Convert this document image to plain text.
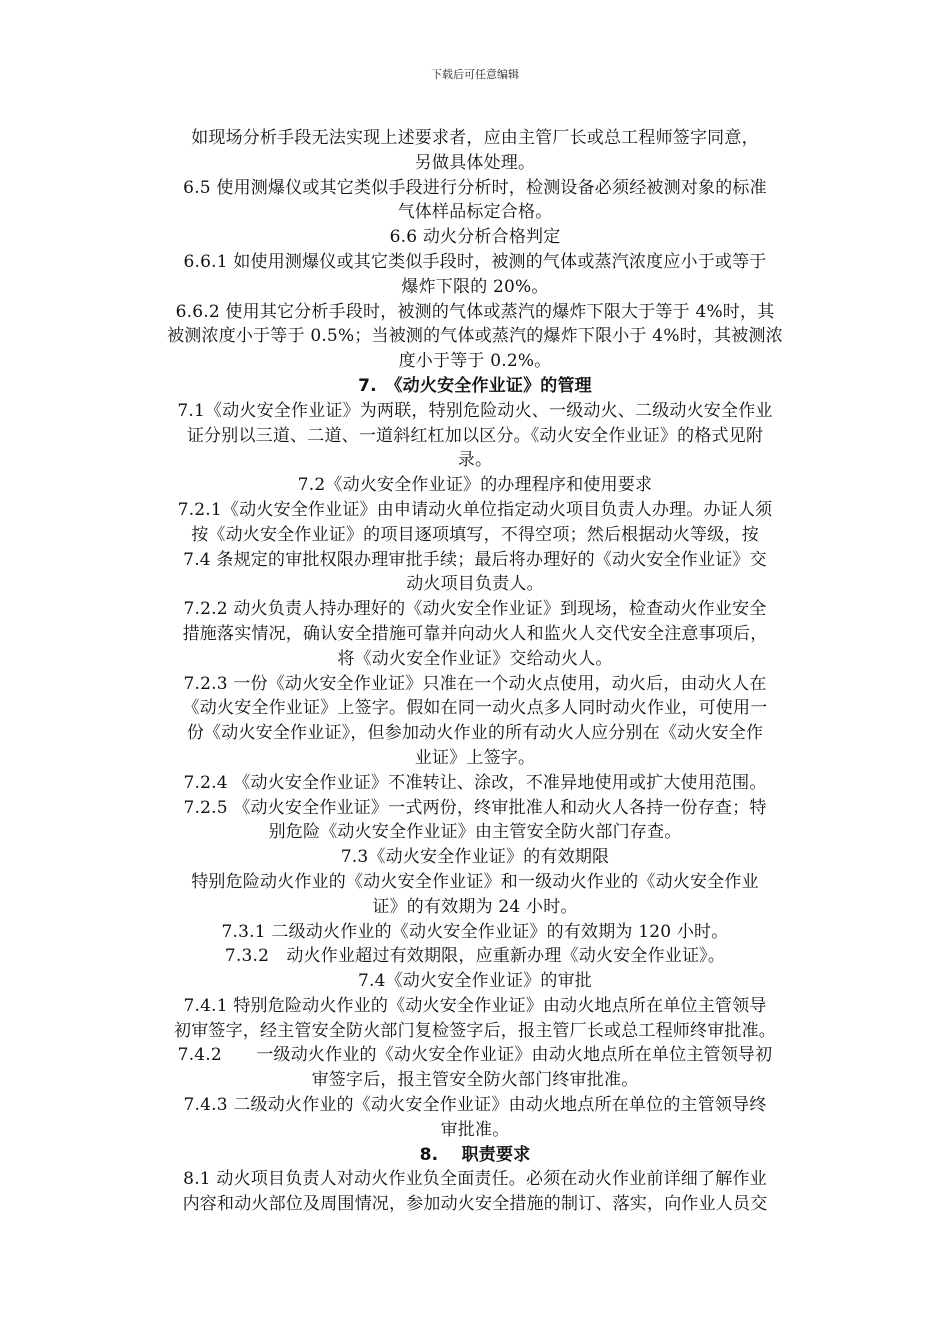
下载后可任意编辑
如现场分析手段无法实现上述要求者，应由主管厂长或总工程师签字同意，
另做具体处理。
6.5 使用测爆仪或其它类似手段进行分析时，检测设备必须经被测对象的标准
气体样品标定合格。
6.6 动火分析合格判定
6.6.1 如使用测爆仪或其它类似手段时，被测的气体或蒸汽浓度应小于或等于
爆炸下限的 20%。
6.6.2 使用其它分析手段时，被测的气体或蒸汽的爆炸下限大于等于 4%时，其
被测浓度小于等于 0.5%；当被测的气体或蒸汽的爆炸下限小于 4%时，其被测浓
度小于等于 0.2%。
7.　《动火安全作业证》的管理
7.1《动火安全作业证》为两联，特别危险动火、一级动火、二级动火安全作业
证分别以三道、二道、一道斜红杠加以区分。《动火安全作业证》的格式见附
录。
7.2《动火安全作业证》的办理程序和使用要求
7.2.1《动火安全作业证》由申请动火单位指定动火项目负责人办理。办证人须
按《动火安全作业证》的项目逐项填写，不得空项；然后根据动火等级，按
7.4 条规定的审批权限办理审批手续；最后将办理好的《动火安全作业证》交
动火项目负责人。
7.2.2 动火负责人持办理好的《动火安全作业证》到现场，检查动火作业安全
措施落实情况，确认安全措施可靠并向动火人和监火人交代安全注意事项后，
将《动火安全作业证》交给动火人。
7.2.3 一份《动火安全作业证》只准在一个动火点使用，动火后，由动火人在
《动火安全作业证》上签字。假如在同一动火点多人同时动火作业，可使用一
份《动火安全作业证》，但参加动火作业的所有动火人应分别在《动火安全作
业证》上签字。
7.2.4 《动火安全作业证》不准转让、涂改，不准异地使用或扩大使用范围。
7.2.5 《动火安全作业证》一式两份，终审批准人和动火人各持一份存查；特
别危险《动火安全作业证》由主管安全防火部门存查。
7.3《动火安全作业证》的有效期限
特别危险动火作业的《动火安全作业证》和一级动火作业的《动火安全作业
证》的有效期为 24 小时。
7.3.1 二级动火作业的《动火安全作业证》的有效期为 120 小时。
7.3.2　动火作业超过有效期限，应重新办理《动火安全作业证》。
7.4《动火安全作业证》的审批
7.4.1 特别危险动火作业的《动火安全作业证》由动火地点所在单位主管领导
初审签字，经主管安全防火部门复检签字后，报主管厂长或总工程师终审批准。
7.4.2　　一级动火作业的《动火安全作业证》由动火地点所在单位主管领导初
审签字后，报主管安全防火部门终审批准。
7.4.3 二级动火作业的《动火安全作业证》由动火地点所在单位的主管领导终
审批准。
8.　 职责要求
8.1 动火项目负责人对动火作业负全面责任。必须在动火作业前详细了解作业
内容和动火部位及周围情况，参加动火安全措施的制订、落实，向作业人员交
